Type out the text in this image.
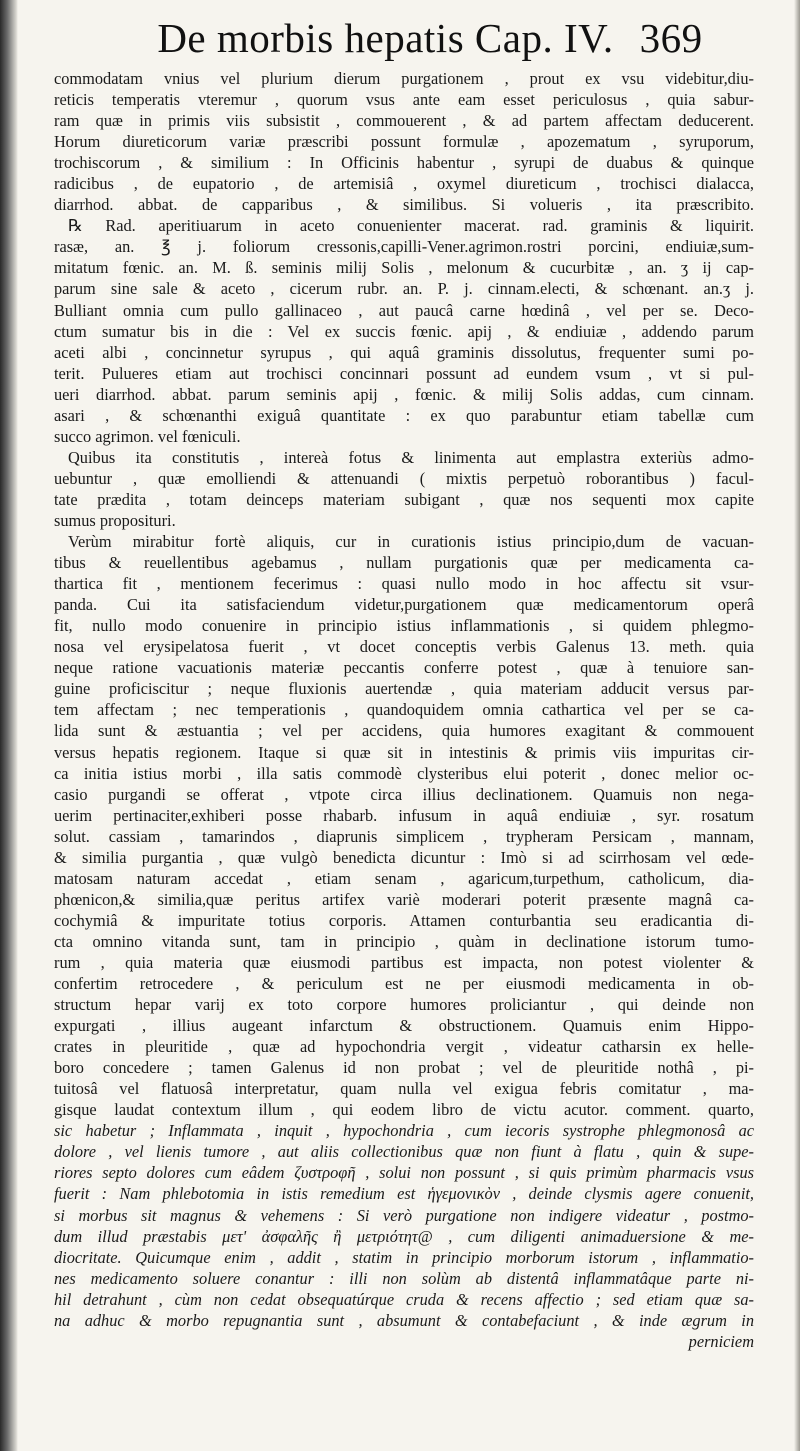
De morbis hepatis Cap. IV. 369
commodatam vnius vel plurium dierum purgationem , prout ex vsu videbitur,diu-
reticis temperatis vteremur , quorum vsus ante eam esset periculosus , quia sabur-
ram quæ in primis viis subsistit , commouerent , & ad partem affectam deducerent.
Horum diureticorum variæ præscribi possunt formulæ , apozematum , syruporum,
trochiscorum , & similium : In Officinis habentur , syrupi de duabus & quinque
radicibus , de eupatorio , de artemisiâ , oxymel diureticum , trochisci dialacca,
diarrhod. abbat. de capparibus , & similibus. Si volueris , ita præscribito.
℞ Rad. aperitiuarum in aceto conuenienter macerat. rad. graminis & liquirit.
rasæ, an. ℥ j. foliorum cressonis,capilli-Vener.agrimon.rostri porcini, endiuiæ,sum-
mitatum fœnic. an. M. ß. seminis milij Solis , melonum & cucurbitæ , an. ʒ ij cap-
parum sine sale & aceto , cicerum rubr. an. P. j. cinnam.electi, & schœnant. an.ʒ j.
Bulliant omnia cum pullo gallinaceo , aut paucâ carne hœdinâ , vel per se. Deco-
ctum sumatur bis in die : Vel ex succis fœnic. apij , & endiuiæ , addendo parum
aceti albi , concinnetur syrupus , qui aquâ graminis dissolutus, frequenter sumi po-
terit. Pulueres etiam aut trochisci concinnari possunt ad eundem vsum , vt si pul-
ueri diarrhod. abbat. parum seminis apij , fœnic. & milij Solis addas, cum cinnam.
asari , & schœnanthi exiguâ quantitate : ex quo parabuntur etiam tabellæ cum
succo agrimon. vel fœniculi.
Quibus ita constitutis , intereà fotus & linimenta aut emplastra exteriùs admo-
uebuntur , quæ emolliendi & attenuandi ( mixtis perpetuò roborantibus ) facul-
tate prædita , totam deinceps materiam subigant , quæ nos sequenti mox capite
sumus proposituri.
Verùm mirabitur fortè aliquis, cur in curationis istius principio,dum de vacuan-
tibus & reuellentibus agebamus , nullam purgationis quæ per medicamenta ca-
thartica fit , mentionem fecerimus : quasi nullo modo in hoc affectu sit vsur-
panda. Cui ita satisfaciendum videtur,purgationem quæ medicamentorum operâ
fit, nullo modo conuenire in principio istius inflammationis , si quidem phlegmo-
nosa vel erysipelatosa fuerit , vt docet conceptis verbis Galenus 13. meth. quia
neque ratione vacuationis materiæ peccantis conferre potest , quæ à tenuiore san-
guine proficiscitur ; neque fluxionis auertendæ , quia materiam adducit versus par-
tem affectam ; nec temperationis , quandoquidem omnia cathartica vel per se ca-
lida sunt & æstuantia ; vel per accidens, quia humores exagitant & commouent
versus hepatis regionem. Itaque si quæ sit in intestinis & primis viis impuritas cir-
ca initia istius morbi , illa satis commodè clysteribus elui poterit , donec melior oc-
casio purgandi se offerat , vtpote circa illius declinationem. Quamuis non nega-
uerim pertinaciter,exhiberi posse rhabarb. infusum in aquâ endiuiæ , syr. rosatum
solut. cassiam , tamarindos , diaprunis simplicem , trypheram Persicam , mannam,
& similia purgantia , quæ vulgò benedicta dicuntur : Imò si ad scirrhosam vel œde-
matosam naturam accedat , etiam senam , agaricum,turpethum, catholicum, dia-
phœnicon,& similia,quæ peritus artifex variè moderari poterit præsente magnâ ca-
cochymiâ & impuritate totius corporis. Attamen conturbantia seu eradicantia di-
cta omnino vitanda sunt, tam in principio , quàm in declinatione istorum tumo-
rum , quia materia quæ eiusmodi partibus est impacta, non potest violenter &
confertim retrocedere , & periculum est ne per eiusmodi medicamenta in ob-
structum hepar varij ex toto corpore humores proliciantur , qui deinde non
expurgati , illius augeant infarctum & obstructionem. Quamuis enim Hippo-
crates in pleuritide , quæ ad hypochondria vergit , videatur catharsin ex helle-
boro concedere ; tamen Galenus id non probat ; vel de pleuritide nothâ , pi-
tuitosâ vel flatuosâ interpretatur, quam nulla vel exigua febris comitatur , ma-
gisque laudat contextum illum , qui eodem libro de victu acutor. comment. quarto,
sic habetur ; Inflammata , inquit , hypochondria , cum iecoris systrophe phlegmonosâ ac
dolore , vel lienis tumore , aut aliis collectionibus quæ non fiunt à flatu , quin & supe-
riores septo dolores cum eâdem ζυστροφῆ , solui non possunt , si quis primùm pharmacis vsus
fuerit : Nam phlebotomia in istis remedium est ἡγεμονικὸν , deinde clysmis agere conuenit,
si morbus sit magnus & vehemens : Si verò purgatione non indigere videatur , postmo-
dum illud præstabis μετ' ἀσφαλῆς ἢ μετριότητ@ , cum diligenti animaduersione & me-
diocritate. Quicumque enim , addit , statim in principio morborum istorum , inflammatio-
nes medicamento soluere conantur : illi non solùm ab distentâ inflammatâque parte ni-
hil detrahunt , cùm non cedat obsequatúrque cruda & recens affectio ; sed etiam quæ sa-
na adhuc & morbo repugnantia sunt , absumunt & contabefaciunt , & inde ægrum in
perniciem
